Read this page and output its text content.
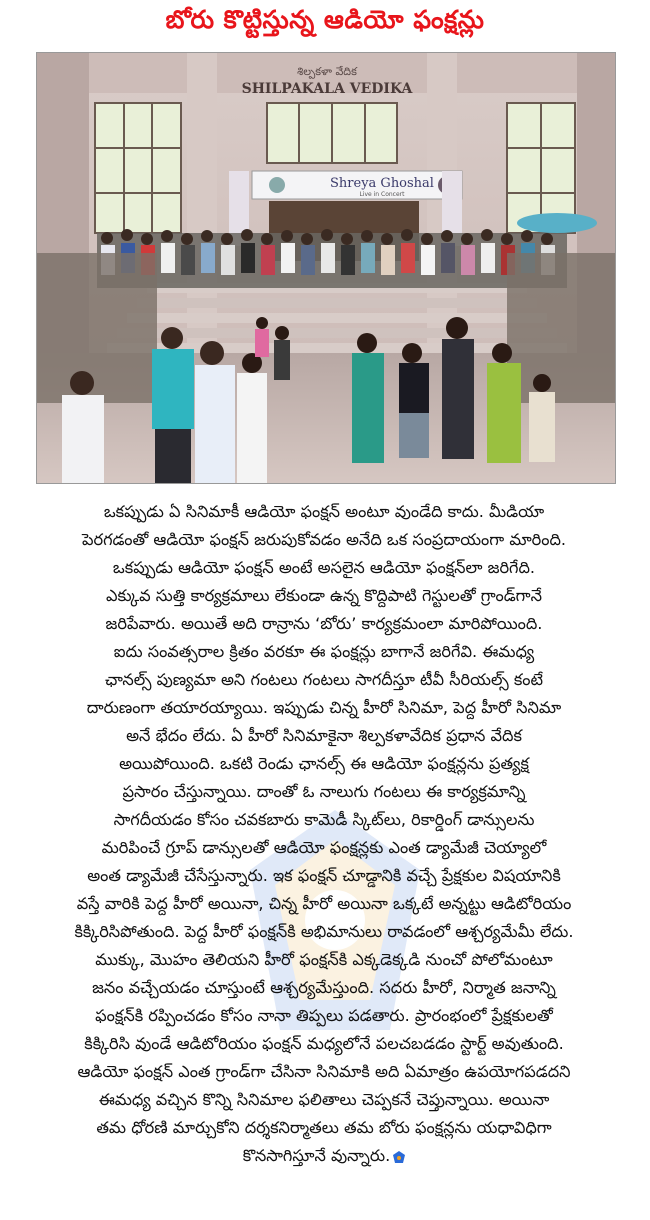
బోరు కొట్టిస్తున్న ఆడియో ఫంక్షన్లు
శిల్పకళా వేదిక
SHILPAKALA VEDIKA
Shreya Ghoshal
Live in Concert

ఒకప్పుడు ఏ సినిమాకీ ఆడియో ఫంక్షన్ అంటూ వుండేది కాదు. మీడియా

పెరగడంతో ఆడియో ఫంక్షన్ జరుపుకోవడం అనేది ఒక సంప్రదాయంగా మారింది.

ఒకప్పుడు ఆడియో ఫంక్షన్ అంటే అసలైన ఆడియో ఫంక్షన్‌లా జరిగేది.

ఎక్కువ సుత్తి కార్యక్రమాలు లేకుండా ఉన్న కొద్దిపాటి గెస్టులతో గ్రాండ్‌గానే

జరిపేవారు. అయితే అది రాన్రాను ‘బోరు’ కార్యక్రమంలా మారిపోయింది.

ఐదు సంవత్సరాల క్రితం వరకూ ఈ ఫంక్షన్లు బాగానే జరిగేవి. ఈమధ్య

ఛానల్స్ పుణ్యమా అని గంటలు గంటలు సాగదీస్తూ టీవీ సీరియల్స్ కంటే

దారుణంగా తయారయ్యాయి. ఇప్పుడు చిన్న హీరో సినిమా, పెద్ద హీరో సినిమా

అనే భేదం లేదు. ఏ హీరో సినిమాకైనా శిల్పకళావేదిక ప్రధాన వేదిక

అయిపోయింది. ఒకటి రెండు ఛానల్స్ ఈ ఆడియో ఫంక్షన్లను ప్రత్యక్ష

ప్రసారం చేస్తున్నాయి. దాంతో ఓ నాలుగు గంటలు ఈ కార్యక్రమాన్ని

సాగదీయడం కోసం చవకబారు కామెడీ స్కిట్‌లు, రికార్డింగ్ డాన్సులను

మరిపించే గ్రూప్ డాన్సులతో ఆడియో ఫంక్షన్లకు ఎంత డ్యామేజీ చెయ్యాలో

అంత డ్యామేజీ చేసేస్తున్నారు. ఇక ఫంక్షన్ చూడ్డానికి వచ్చే ప్రేక్షకుల విషయానికి

వస్తే వారికి పెద్ద హీరో అయినా, చిన్న హీరో అయినా ఒక్కటే అన్నట్టు ఆడిటోరియం

కిక్కిరిసిపోతుంది. పెద్ద హీరో ఫంక్షన్‌కి అభిమానులు రావడంలో ఆశ్చర్యమేమీ లేదు.

ముక్కు, మొహం తెలియని హీరో ఫంక్షన్‌కి ఎక్కడెక్కడి నుంచో పోలోమంటూ

జనం వచ్చేయడం చూస్తుంటే ఆశ్చర్యమేస్తుంది. సదరు హీరో, నిర్మాత జనాన్ని

ఫంక్షన్‌కి రప్పించడం కోసం నానా తిప్పలు పడతారు. ప్రారంభంలో ప్రేక్షకులతో

కిక్కిరిసి వుండే ఆడిటోరియం ఫంక్షన్ మధ్యలోనే పలచబడడం స్టార్ట్ అవుతుంది.

ఆడియో ఫంక్షన్ ఎంత గ్రాండ్‌గా చేసినా సినిమాకి అది ఏమాత్రం ఉపయోగపడదని

ఈమధ్య వచ్చిన కొన్ని సినిమాల ఫలితాలు చెప్పకనే చెప్తున్నాయి. అయినా

తమ ధోరణి మార్చుకోని దర్శకనిర్మాతలు తమ బోరు ఫంక్షన్లను యధావిధిగా

కొనసాగిస్తూనే వున్నారు.
